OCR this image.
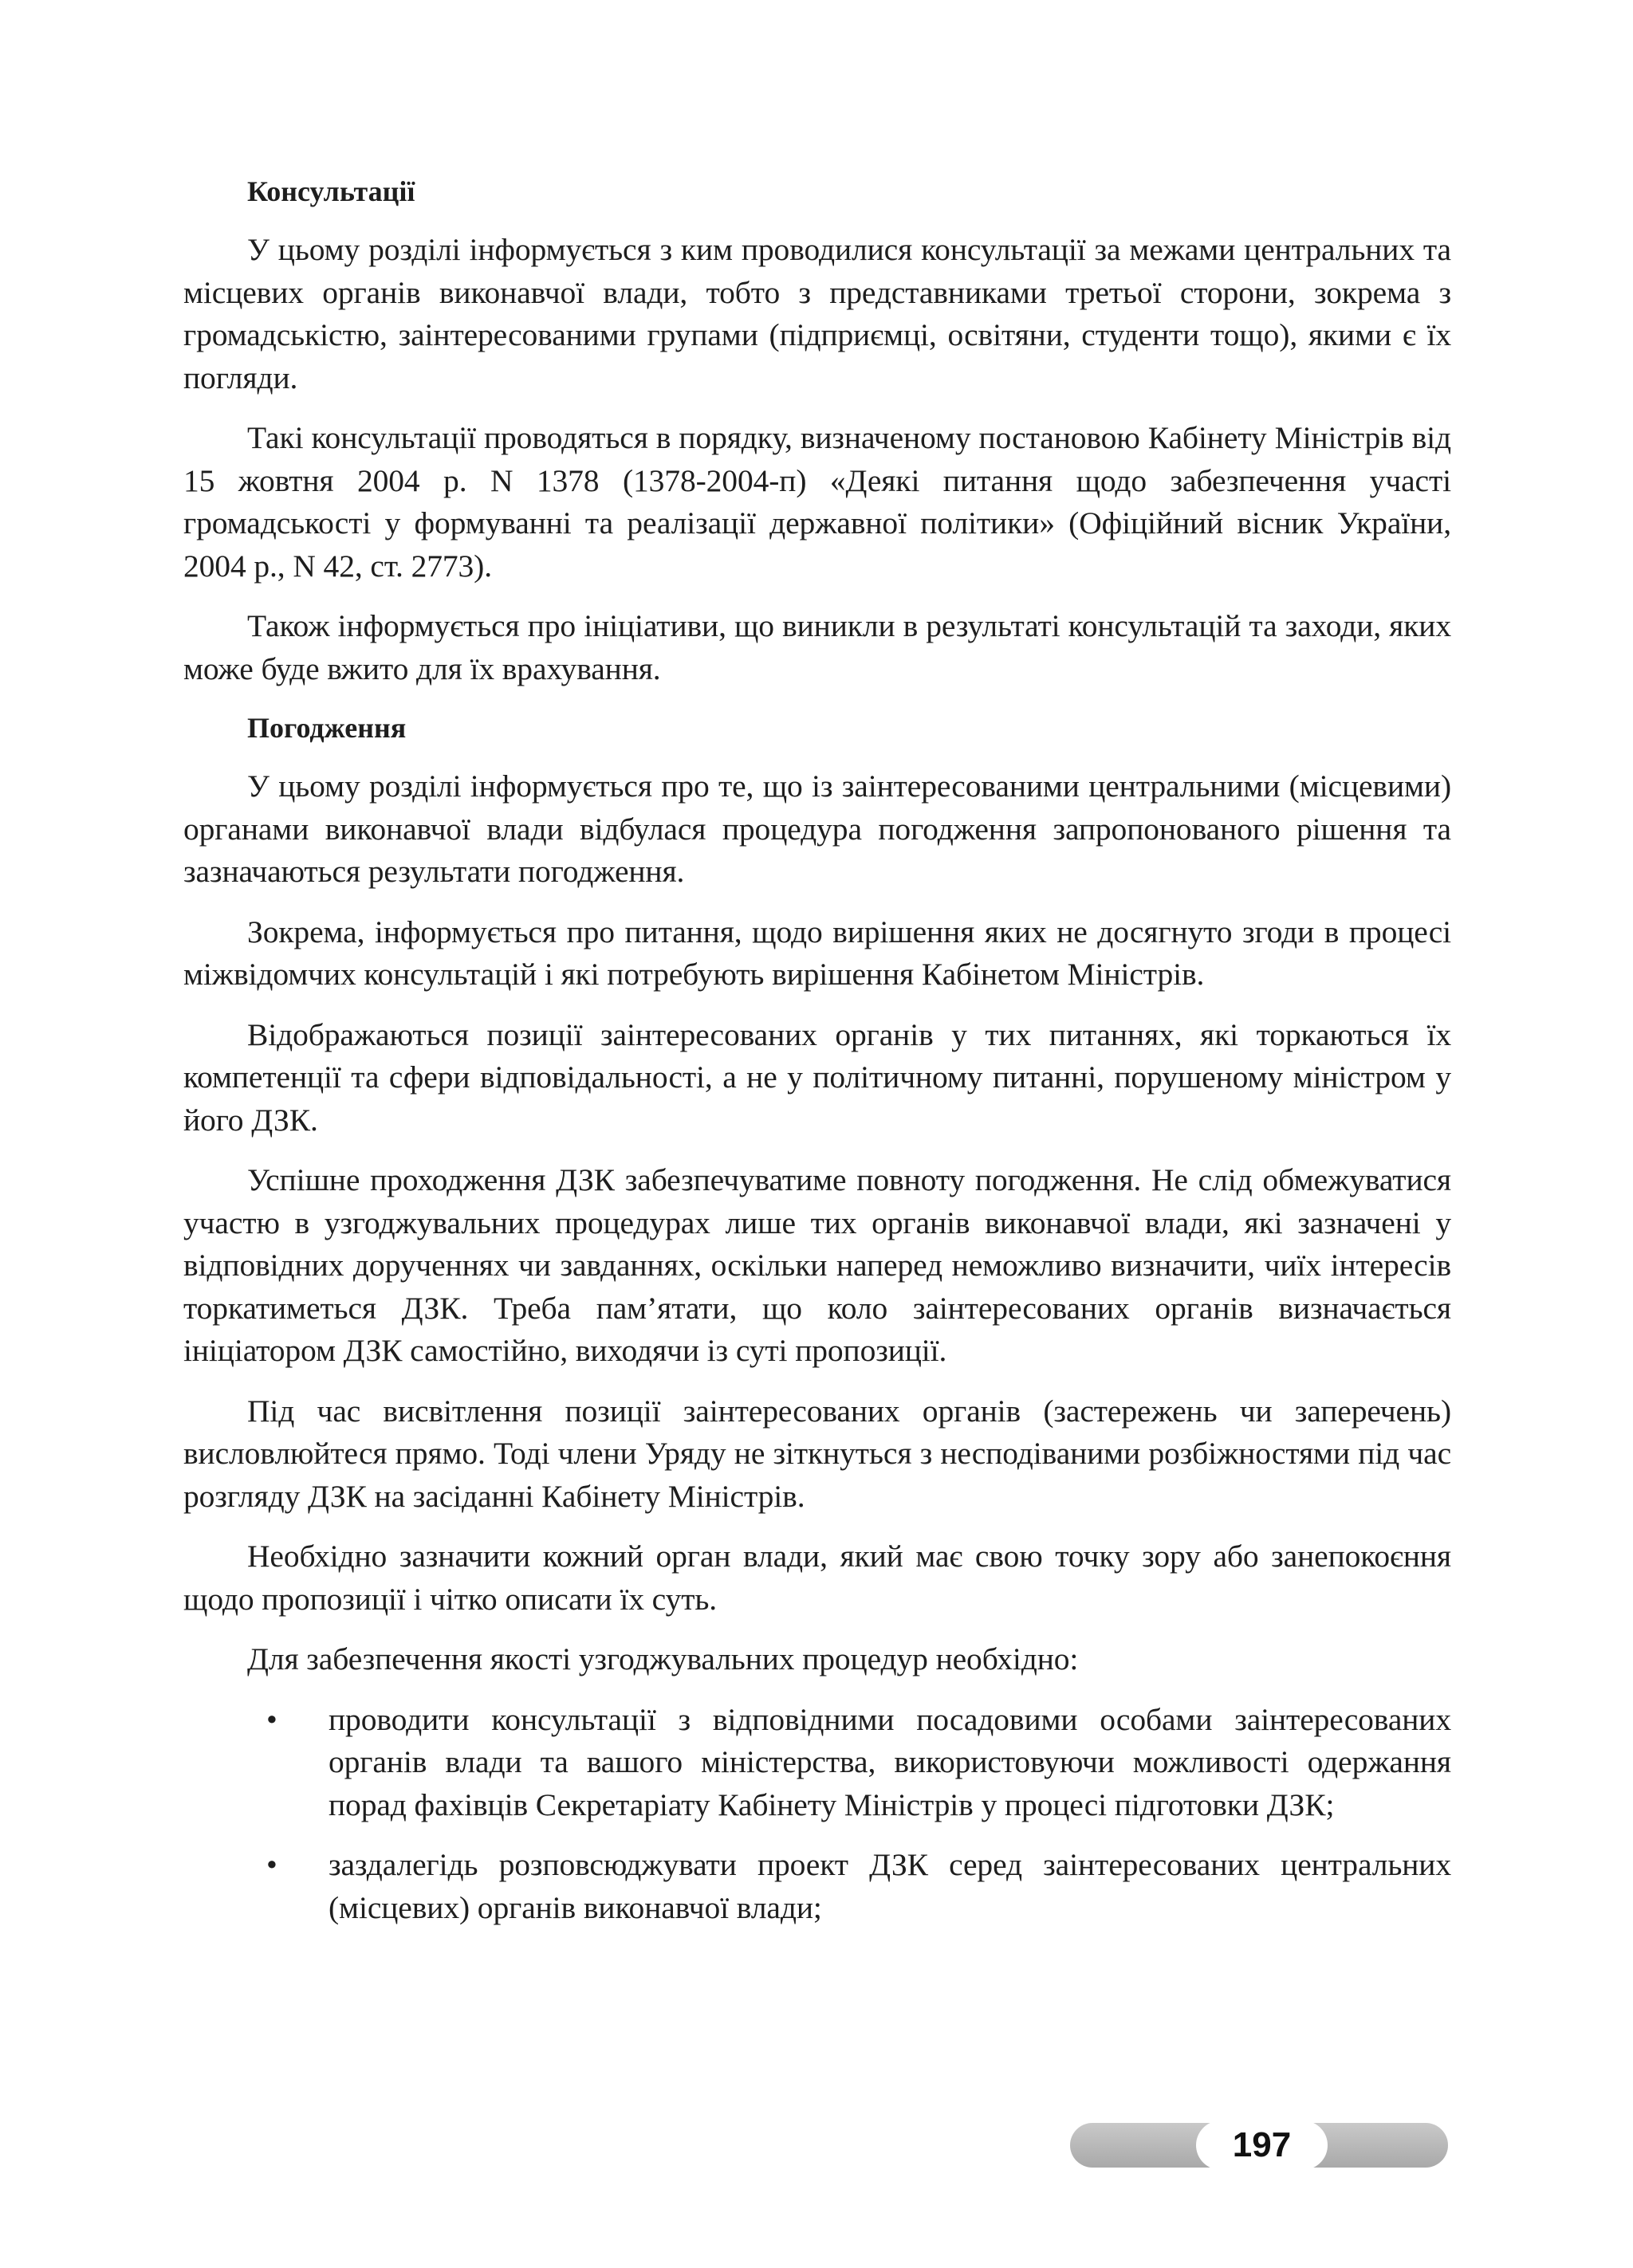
Консультації

У цьому розділі інформується з ким проводилися консультації за межами центральних та місцевих органів виконавчої влади, тобто з представниками третьої сторони, зокрема з громадськістю, заінтересованими групами (підприємці, освітяни, студенти тощо), якими є їх погляди.

Такі консультації проводяться в порядку, визначеному постановою Кабінету Міністрів від 15 жовтня 2004 р. N 1378 (1378-2004-п) «Деякі питання щодо забезпечення участі громадськості у формуванні та реалізації державної політики» (Офіційний вісник України, 2004 р., N 42, ст. 2773).

Також інформується про ініціативи, що виникли в результаті консультацій та заходи, яких може буде вжито для їх врахування.

Погодження

У цьому розділі інформується про те, що із заінтересованими центральними (місцевими) органами виконавчої влади відбулася процедура погодження запропонованого рішення та зазначаються результати погодження.

Зокрема, інформується про питання, щодо вирішення яких не досягнуто згоди в процесі міжвідомчих консультацій і які потребують вирішення Кабінетом Міністрів.

Відображаються позиції заінтересованих органів у тих питаннях, які торкаються їх компетенції та сфери відповідальності, а не у політичному питанні, порушеному міністром у його ДЗК.

Успішне проходження ДЗК забезпечуватиме повноту погодження. Не слід обмежуватися участю в узгоджувальних процедурах лише тих органів виконавчої влади, які зазначені у відповідних дорученнях чи завданнях, оскільки наперед неможливо визначити, чиїх інтересів торкатиметься ДЗК. Треба пам’ятати, що коло заінтересованих органів визначається ініціатором ДЗК самостійно, виходячи із суті пропозиції.

Під час висвітлення позиції заінтересованих органів (застережень чи заперечень) висловлюйтеся прямо. Тоді члени Уряду не зіткнуться з несподіваними розбіжностями під час розгляду ДЗК на засіданні Кабінету Міністрів.

Необхідно зазначити кожний орган влади, який має свою точку зору або занепокоєння щодо пропозиції і чітко описати їх суть.

Для забезпечення якості узгоджувальних процедур необхідно:

• проводити консультації з відповідними посадовими особами заінтересованих органів влади та вашого міністерства, використовуючи можливості одержання порад фахівців Секретаріату Кабінету Міністрів у процесі підготовки ДЗК;
• заздалегідь розповсюджувати проект ДЗК серед заінтересованих центральних (місцевих) органів виконавчої влади;
197
